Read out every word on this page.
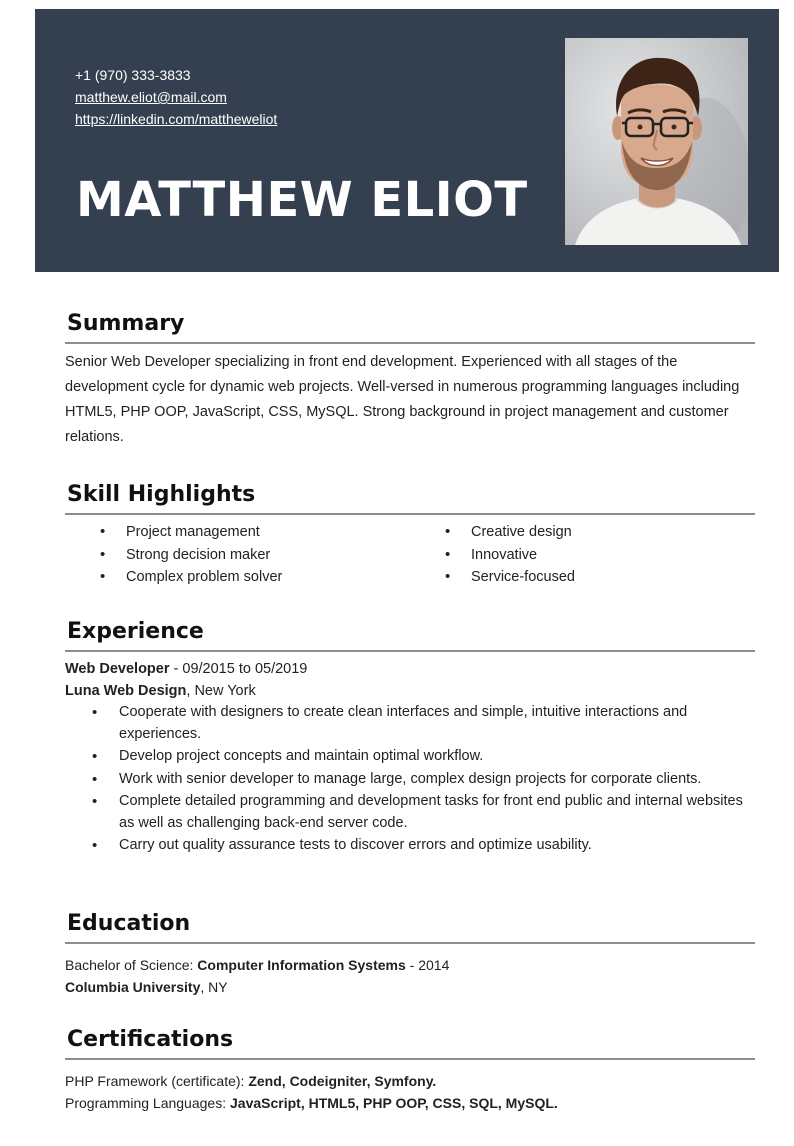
+1 (970) 333-3833
matthew.eliot@mail.com
https://linkedin.com/mattheweliot
MATTHEW ELIOT
Summary
Senior Web Developer specializing in front end development. Experienced with all stages of the development cycle for dynamic web projects. Well-versed in numerous programming languages including HTML5, PHP OOP, JavaScript, CSS, MySQL. Strong background in project management and customer relations.
Skill Highlights
• Project management
• Strong decision maker
• Complex problem solver
• Creative design
• Innovative
• Service-focused
Experience
Web Developer - 09/2015 to 05/2019
Luna Web Design, New York
• Cooperate with designers to create clean interfaces and simple, intuitive interactions and experiences.
• Develop project concepts and maintain optimal workflow.
• Work with senior developer to manage large, complex design projects for corporate clients.
• Complete detailed programming and development tasks for front end public and internal websites as well as challenging back-end server code.
• Carry out quality assurance tests to discover errors and optimize usability.
Education
Bachelor of Science: Computer Information Systems - 2014
Columbia University, NY
Certifications
PHP Framework (certificate): Zend, Codeigniter, Symfony.
Programming Languages: JavaScript, HTML5, PHP OOP, CSS, SQL, MySQL.
